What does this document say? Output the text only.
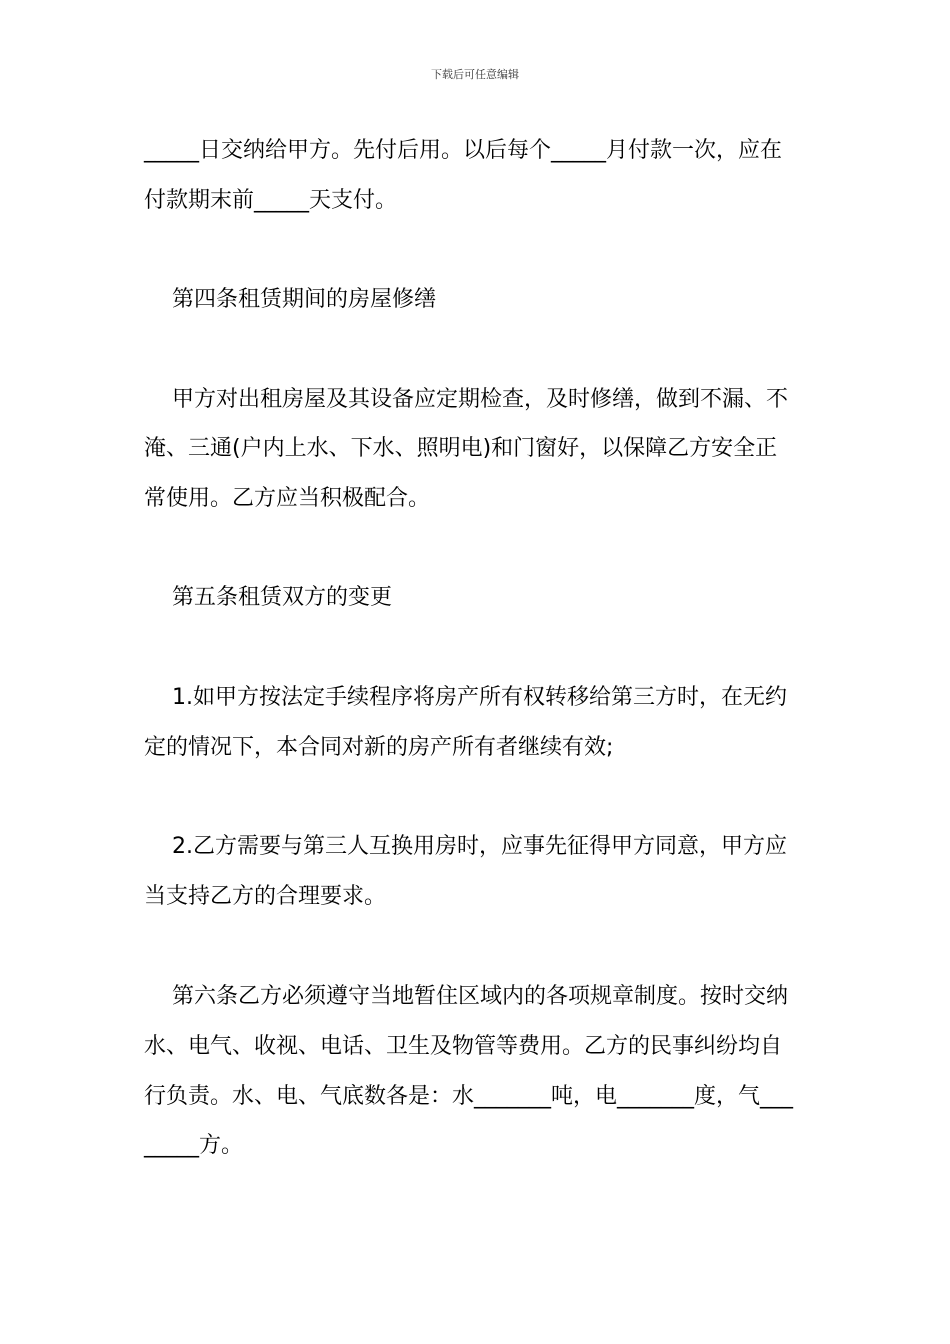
下载后可任意编辑
_____日交纳给甲方。先付后用。以后每个_____月付款一次，应在
付款期末前_____天支付。
第四条租赁期间的房屋修缮
甲方对出租房屋及其设备应定期检查，及时修缮，做到不漏、不
淹、三通(户内上水、下水、照明电)和门窗好，以保障乙方安全正
常使用。乙方应当积极配合。
第五条租赁双方的变更
1.如甲方按法定手续程序将房产所有权转移给第三方时，在无约
定的情况下，本合同对新的房产所有者继续有效;
2.乙方需要与第三人互换用房时，应事先征得甲方同意，甲方应
当支持乙方的合理要求。
第六条乙方必须遵守当地暂住区域内的各项规章制度。按时交纳
水、电气、收视、电话、卫生及物管等费用。乙方的民事纠纷均自
行负责。水、电、气底数各是：水_______吨，电_______度，气___
_____方。
